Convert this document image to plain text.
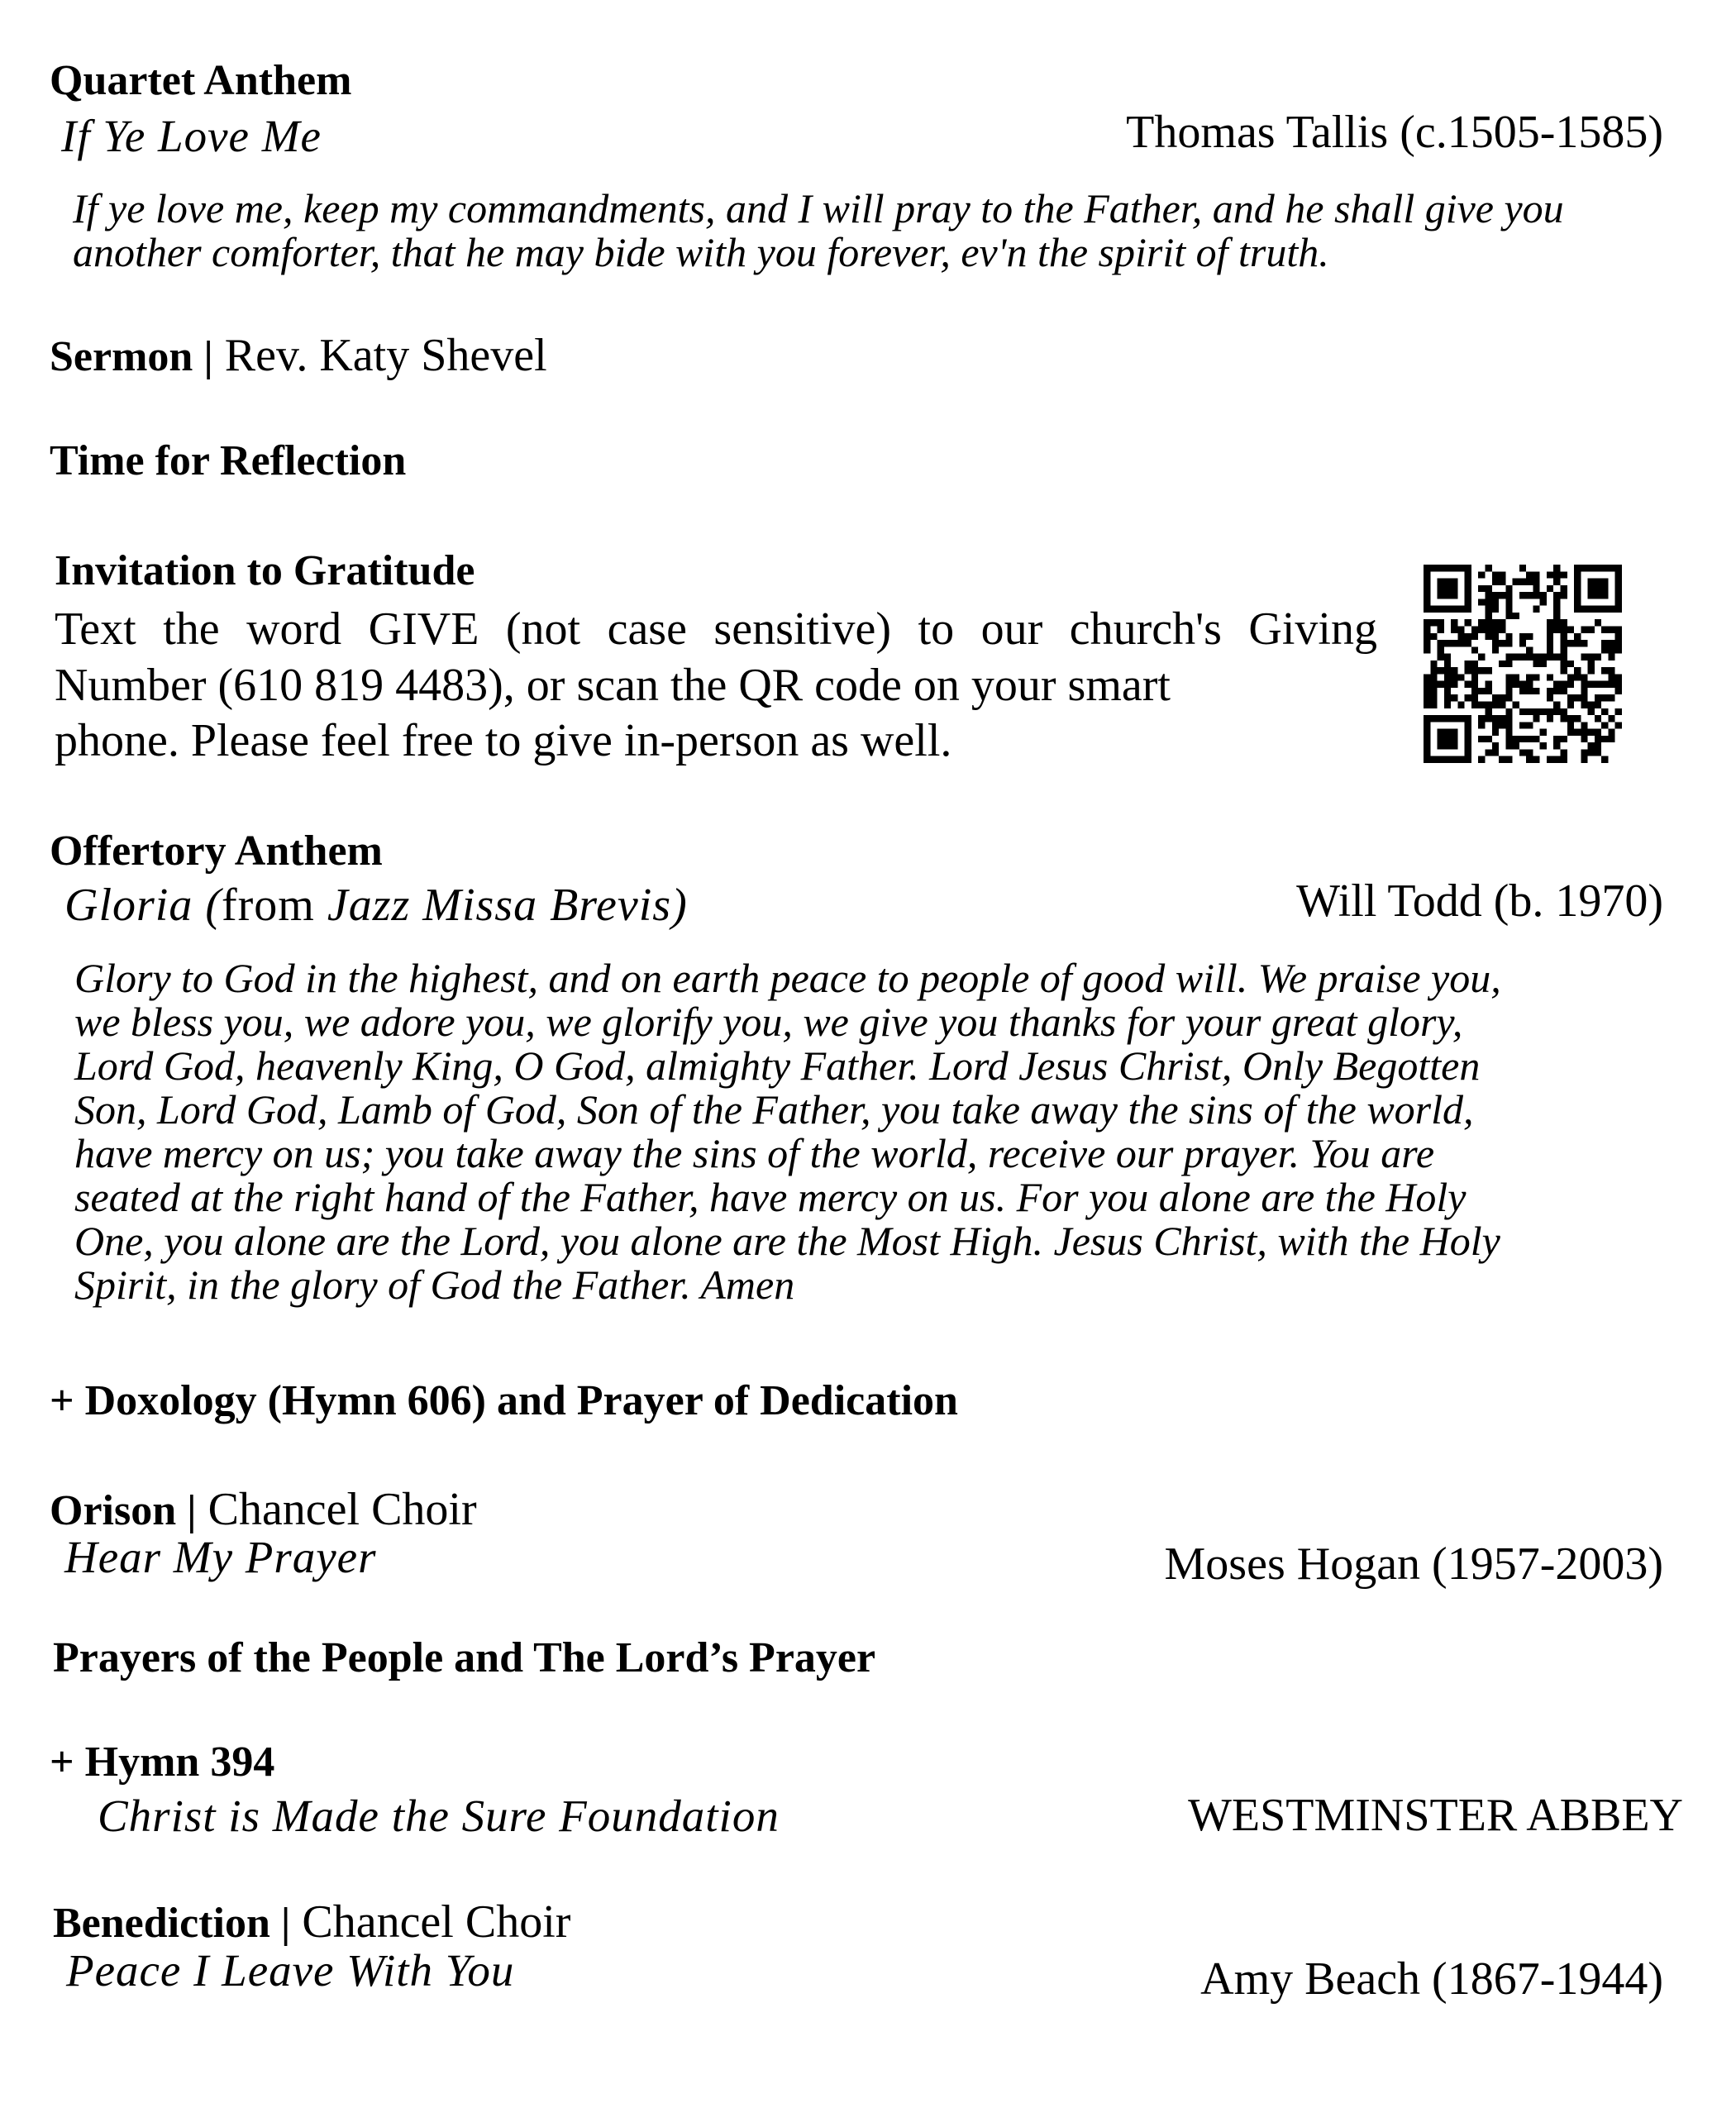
Quartet Anthem
If Ye Love Me	Thomas Tallis (c.1505-1585)
If ye love me, keep my commandments, and I will pray to the Father, and he shall give you another comforter, that he may bide with you forever, ev'n the spirit of truth.
Sermon | Rev. Katy Shevel
Time for Reflection
Invitation to Gratitude
Text the word GIVE (not case sensitive) to our church's Giving Number (610 819 4483), or scan the QR code on your smart
phone. Please feel free to give in-person as well.
Offertory Anthem
Gloria (from Jazz Missa Brevis)	Will Todd (b. 1970)
Glory to God in the highest, and on earth peace to people of good will. We praise you,
we bless you, we adore you, we glorify you, we give you thanks for your great glory,
Lord God, heavenly King, O God, almighty Father. Lord Jesus Christ, Only Begotten
Son, Lord God, Lamb of God, Son of the Father, you take away the sins of the world,
have mercy on us; you take away the sins of the world, receive our prayer. You are
seated at the right hand of the Father, have mercy on us. For you alone are the Holy
One, you alone are the Lord, you alone are the Most High. Jesus Christ, with the Holy
Spirit, in the glory of God the Father. Amen
+ Doxology (Hymn 606) and Prayer of Dedication
Orison | Chancel Choir
Hear My Prayer	Moses Hogan (1957-2003)
Prayers of the People and The Lord’s Prayer
+ Hymn 394
Christ is Made the Sure Foundation	WESTMINSTER ABBEY
Benediction | Chancel Choir
Peace I Leave With You	Amy Beach (1867-1944)
